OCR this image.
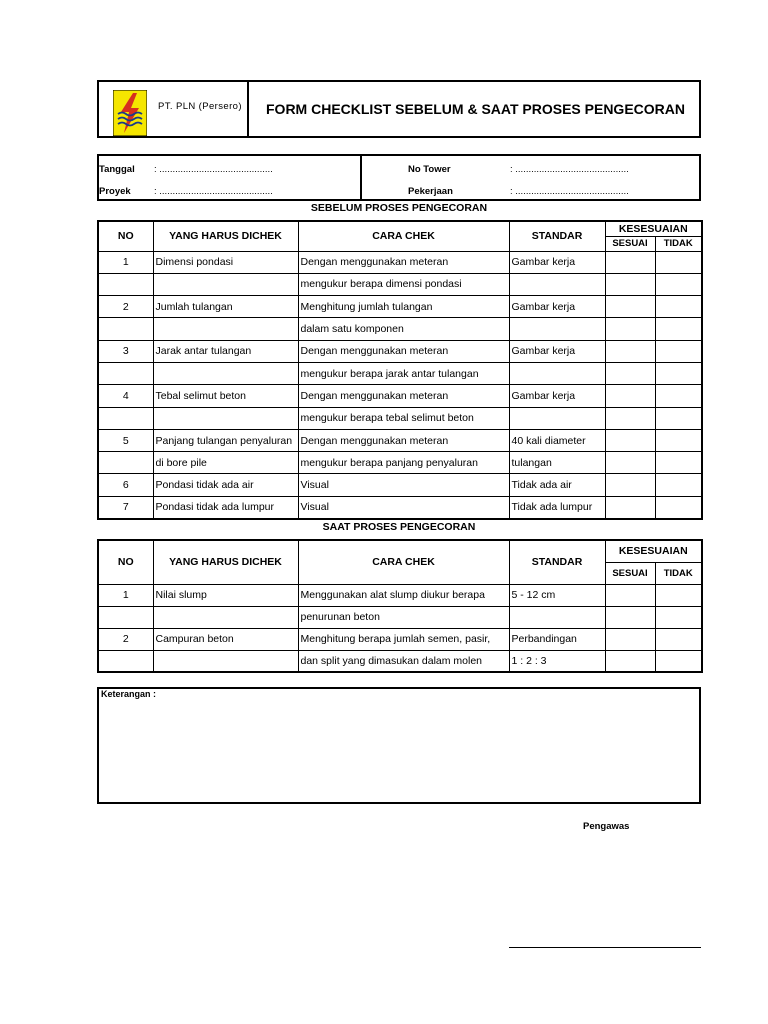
PT. PLN (Persero)	FORM CHECKLIST SEBELUM & SAAT PROSES PENGECORAN
Tanggal : ...........................................
Proyek : ...........................................
No Tower	: ...........................................
Pekerjaan	: ...........................................
SEBELUM PROSES PENGECORAN
NO	YANG HARUS DICHEK	CARA CHEK	STANDAR	KESESUAIAN	
				SESUAI	TIDAK
1	Dimensi pondasi	Dengan menggunakan meteran	Gambar kerja		
		mengukur berapa dimensi pondasi			
2	Jumlah tulangan	Menghitung jumlah tulangan	Gambar kerja		
		dalam satu komponen			
3	Jarak antar tulangan	Dengan menggunakan meteran	Gambar kerja		
		mengukur berapa jarak antar tulangan			
4	Tebal selimut beton	Dengan menggunakan meteran	Gambar kerja		
		mengukur berapa tebal selimut beton			
5	Panjang tulangan penyaluran	Dengan menggunakan meteran	40 kali diameter		
	di bore pile	mengukur berapa panjang penyaluran	tulangan		
6	Pondasi tidak ada air	Visual	Tidak ada air		
7	Pondasi tidak ada lumpur	Visual	Tidak ada lumpur		
SAAT PROSES PENGECORAN
NO	YANG HARUS DICHEK	CARA CHEK	STANDAR	KESESUAIAN	
				SESUAI	TIDAK
1	Nilai slump	Menggunakan alat slump diukur berapa	5 - 12 cm		
		penurunan beton			
2	Campuran beton	Menghitung berapa jumlah semen, pasir,	Perbandingan		
		dan split yang dimasukan dalam molen	1 : 2 : 3		
Keterangan :
Pengawas
